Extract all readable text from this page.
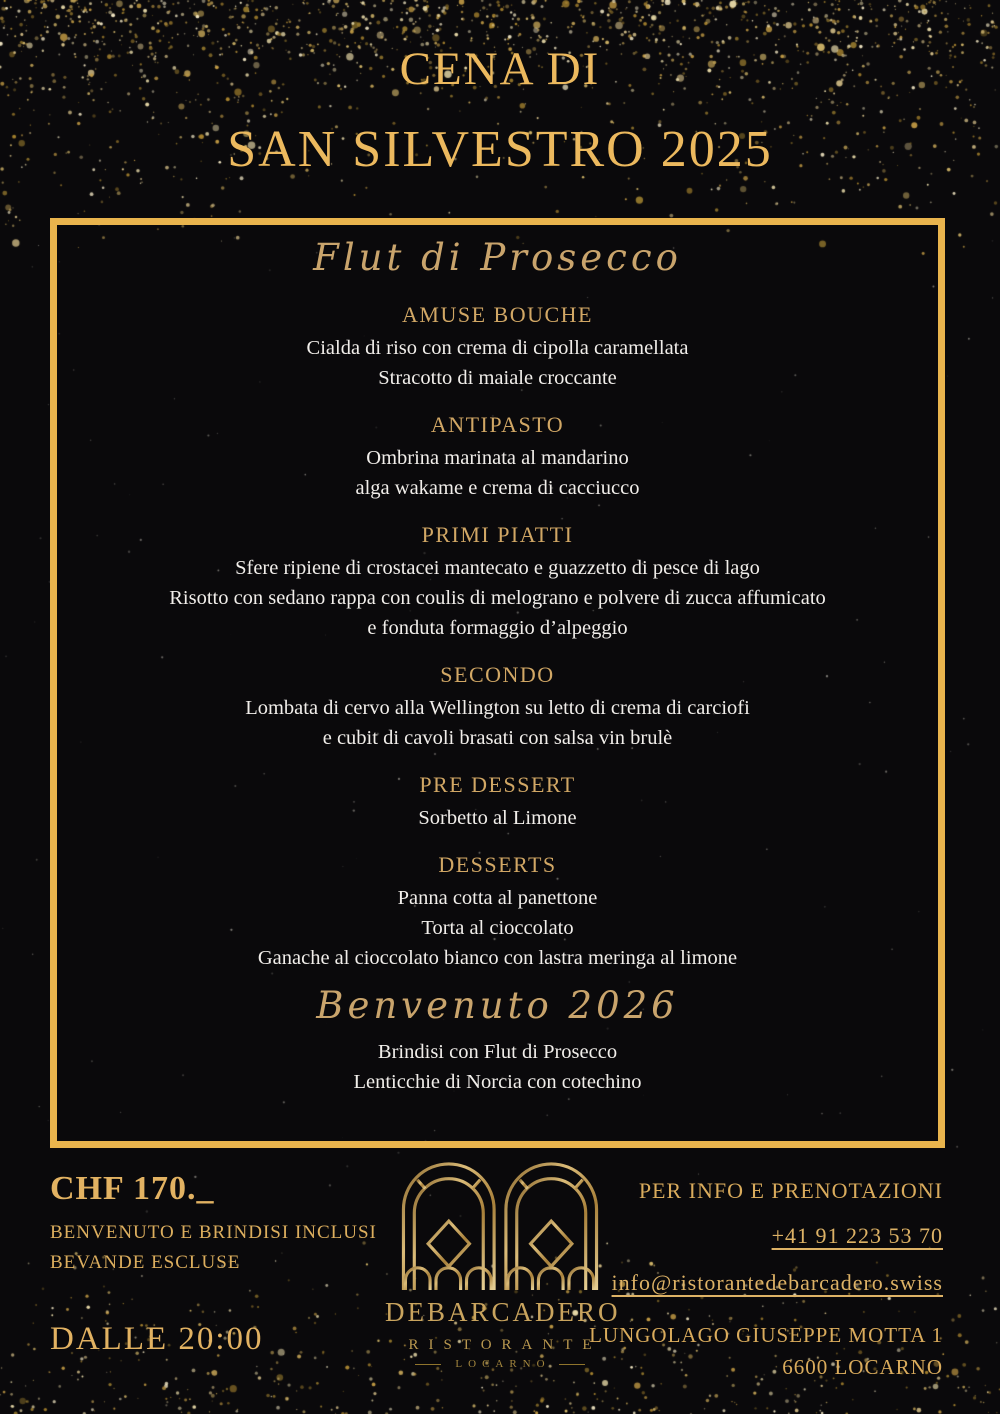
CENA DI
SAN SILVESTRO 2025
Flut di Prosecco
AMUSE BOUCHE
Cialda di riso con crema di cipolla caramellata
Stracotto di maiale croccante
ANTIPASTO
Ombrina marinata al mandarino
alga wakame e crema di cacciucco
PRIMI PIATTI
Sfere ripiene di crostacei mantecato e guazzetto di pesce di lago
Risotto con sedano rappa con coulis di melograno e polvere di zucca affumicato
e fonduta formaggio d’alpeggio
SECONDO
Lombata di cervo alla Wellington su letto di crema di carciofi
e cubit di cavoli brasati con salsa vin brulè
PRE DESSERT
Sorbetto al Limone
DESSERTS
Panna cotta al panettone
Torta al cioccolato
Ganache al cioccolato bianco con lastra meringa al limone
Benvenuto 2026
Brindisi con Flut di Prosecco
Lenticchie di Norcia con cotechino
CHF 170._
BENVENUTO E BRINDISI INCLUSI
BEVANDE ESCLUSE
DALLE 20:00
DEBARCADERO
RISTORANTE
LOCARNO
PER INFO E PRENOTAZIONI
+41 91 223 53 70
info@ristorantedebarcadero.swiss
LUNGOLAGO GIUSEPPE MOTTA 1
6600 LOCARNO
